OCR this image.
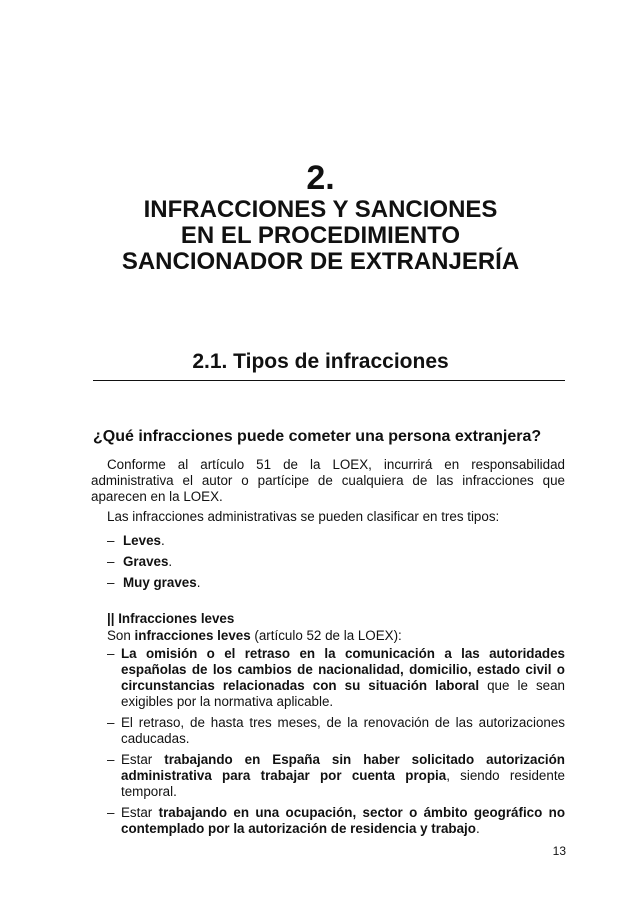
2.
INFRACCIONES Y SANCIONES
EN EL PROCEDIMIENTO
SANCIONADOR DE EXTRANJERÍA
2.1. Tipos de infracciones
¿Qué infracciones puede cometer una persona extranjera?

Conforme al artículo 51 de la LOEX, incurrirá en responsabilidad administrativa el autor o partícipe de cualquiera de las infracciones que aparecen en la LOEX.

Las infracciones administrativas se pueden clasificar en tres tipos:

– Leves.
– Graves.
– Muy graves.
|| Infracciones leves

Son infracciones leves (artículo 52 de la LOEX):

– La omisión o el retraso en la comunicación a las autoridades españolas de los cambios de nacionalidad, domicilio, estado civil o circunstancias relacionadas con su situación laboral que le sean exigibles por la normativa aplicable.
– El retraso, de hasta tres meses, de la renovación de las autorizaciones caducadas.
– Estar trabajando en España sin haber solicitado autorización administrativa para trabajar por cuenta propia, siendo residente temporal.
– Estar trabajando en una ocupación, sector o ámbito geográfico no contemplado por la autorización de residencia y trabajo.
13
